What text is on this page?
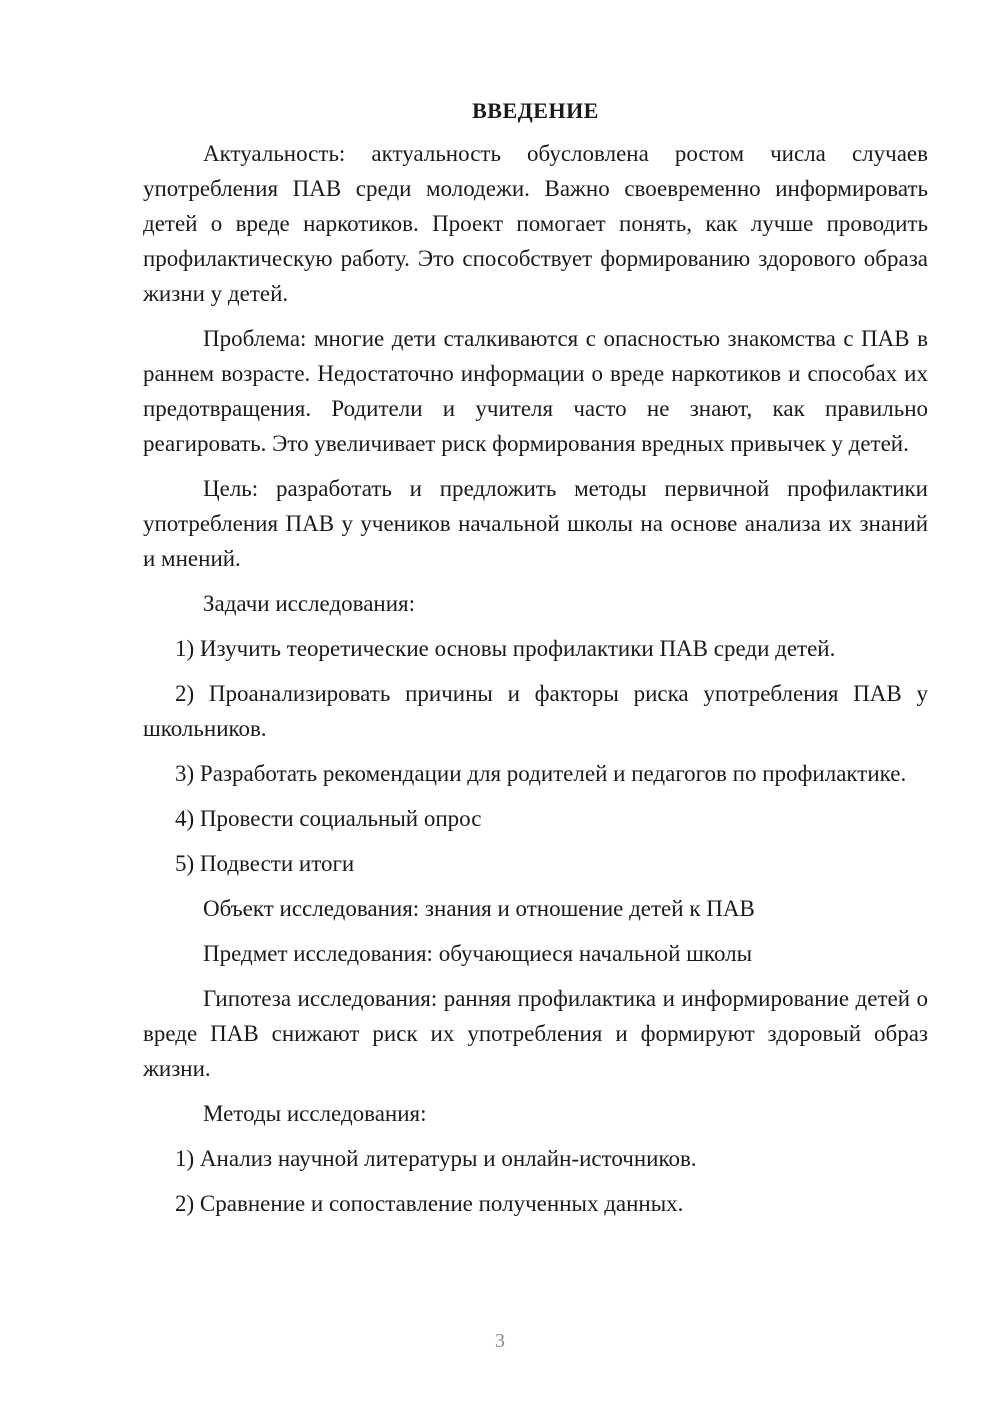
ВВЕДЕНИЕ

Актуальность: актуальность обусловлена ростом числа случаев употребления ПАВ среди молодежи. Важно своевременно информировать детей о вреде наркотиков. Проект помогает понять, как лучше проводить профилактическую работу. Это способствует формированию здорового образа жизни у детей.

Проблема: многие дети сталкиваются с опасностью знакомства с ПАВ в раннем возрасте. Недостаточно информации о вреде наркотиков и способах их предотвращения. Родители и учителя часто не знают, как правильно реагировать. Это увеличивает риск формирования вредных привычек у детей.

Цель: разработать и предложить методы первичной профилактики употребления ПАВ у учеников начальной школы на основе анализа их знаний и мнений.

Задачи исследования:

1) Изучить теоретические основы профилактики ПАВ среди детей.

2) Проанализировать причины и факторы риска употребления ПАВ у школьников.

3) Разработать рекомендации для родителей и педагогов по профилактике.

4) Провести социальный опрос

5) Подвести итоги

Объект исследования: знания и отношение детей к ПАВ

Предмет исследования: обучающиеся начальной школы

Гипотеза исследования: ранняя профилактика и информирование детей о вреде ПАВ снижают риск их употребления и формируют здоровый образ жизни.

Методы исследования:

1) Анализ научной литературы и онлайн-источников.

2) Сравнение и сопоставление полученных данных.

3
